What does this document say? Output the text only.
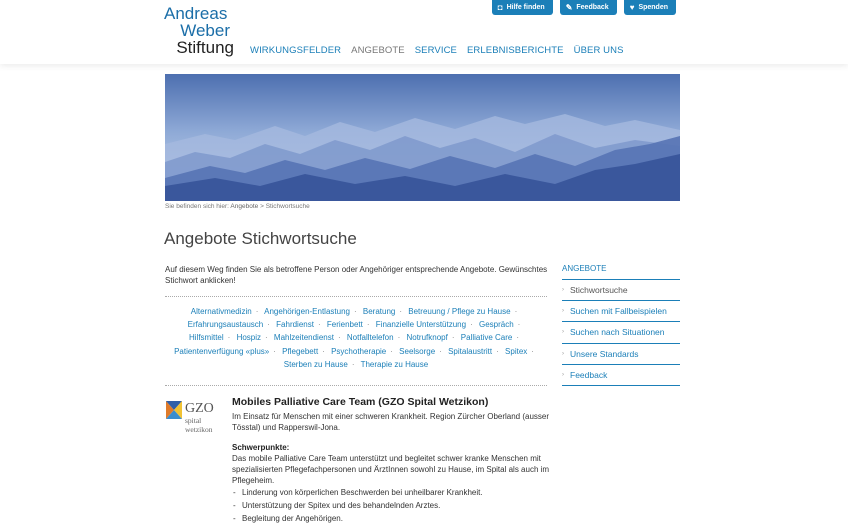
Andreas
Weber
Stiftung
◘ Hilfe finden	✎ Feedback	♥ Spenden
WIRKUNGSFELDER ANGEBOTE SERVICE ERLEBNISBERICHTE ÜBER UNS
Sie befinden sich hier: Angebote > Stichwortsuche
Angebote Stichwortsuche

Auf diesem Weg finden Sie als betroffene Person oder Angehöriger entsprechende Angebote. Gewünschtes Stichwort anklicken!

Alternativmedizin · Angehörigen-Entlastung · Beratung · Betreuung / Pflege zu Hause ·
Erfahrungsaustausch · Fahrdienst · Ferienbett · Finanzielle Unterstützung · Gespräch ·
Hilfsmittel · Hospiz · Mahlzeitendienst · Notfalltelefon · Notrufknopf · Palliative Care ·
Patientenverfügung «plus» · Pflegebett · Psychotherapie · Seelsorge · Spitalaustritt · Spitex ·
Sterben zu Hause · Therapie zu Hause
GZO
spital
wetzikon
Mobiles Palliative Care Team (GZO Spital Wetzikon)
Im Einsatz für Menschen mit einer schweren Krankheit. Region Zürcher Oberland (ausser Tösstal) und Rapperswil-Jona.
Schwerpunkte:
Das mobile Palliative Care Team unterstützt und begleitet schwer kranke Menschen mit spezialisierten Pflegefachpersonen und ÄrztInnen sowohl zu Hause, im Spital als auch im Pflegeheim.
- Linderung von körperlichen Beschwerden bei unheilbarer Krankheit.
- Unterstützung der Spitex und des behandelnden Arztes.
- Begleitung der Angehörigen.
ANGEBOTE
› Stichwortsuche
› Suchen mit Fallbeispielen
› Suchen nach Situationen
› Unsere Standards
› Feedback
